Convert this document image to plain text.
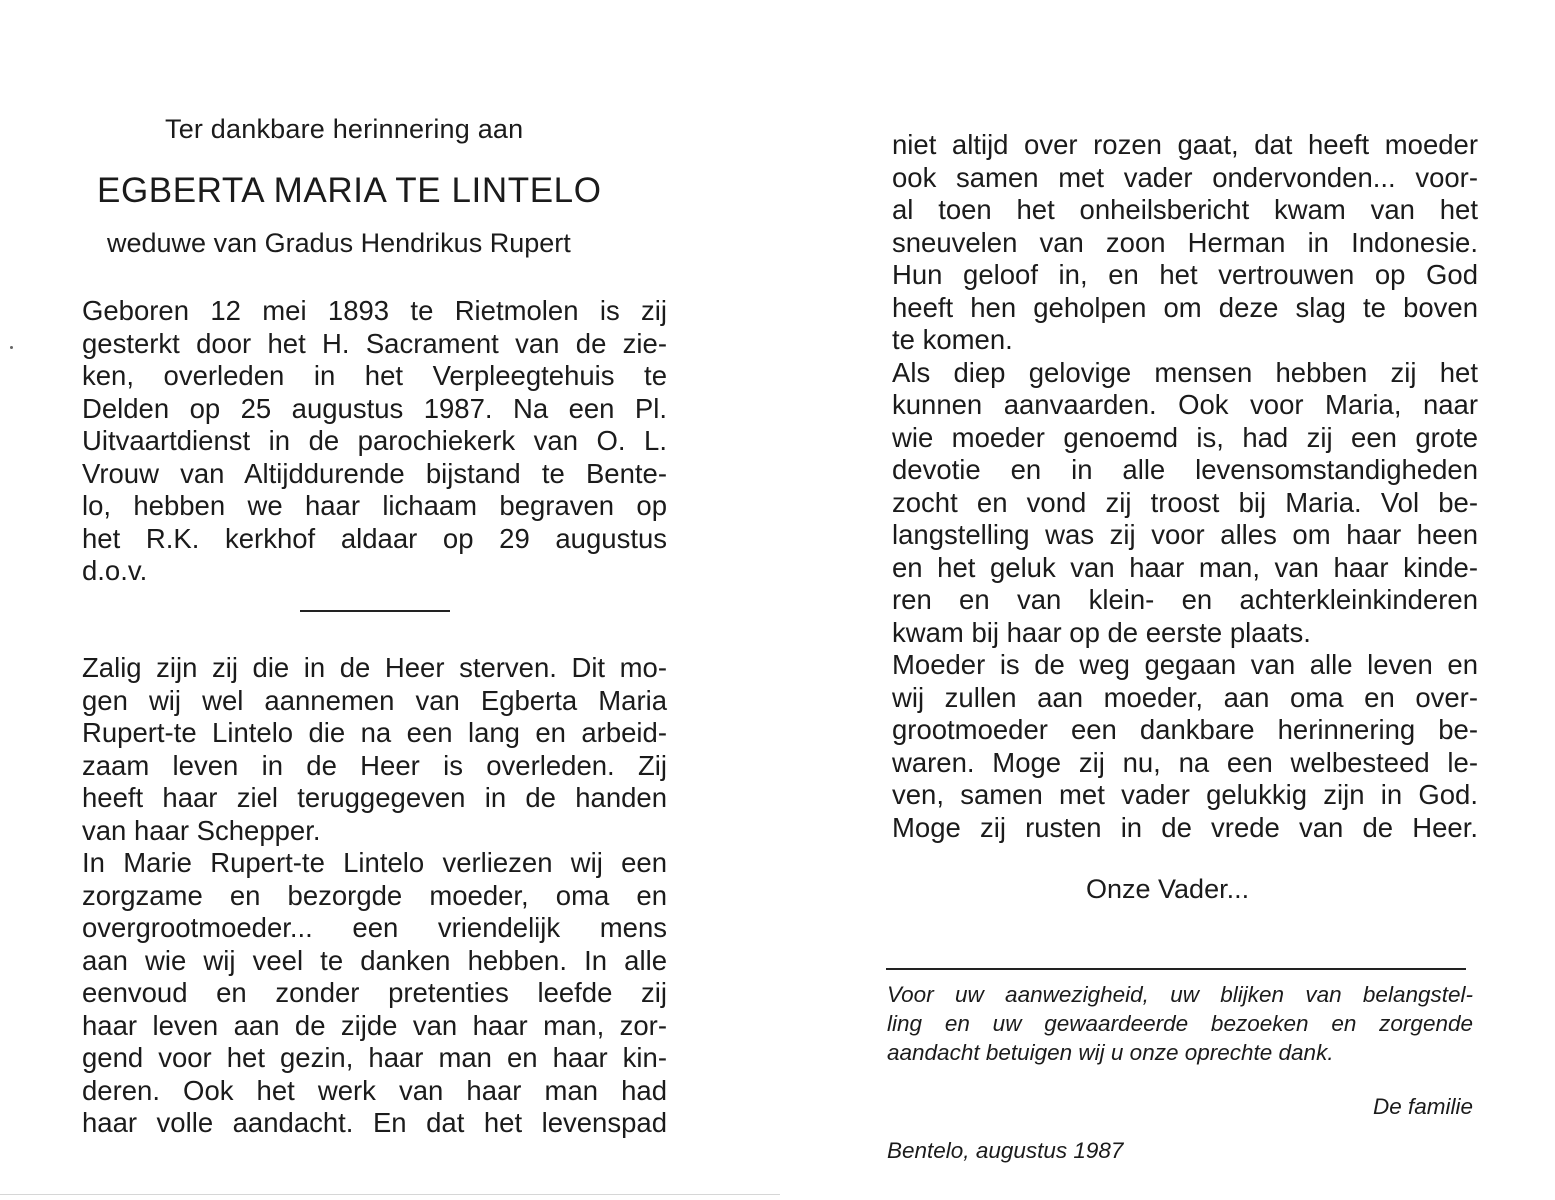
Ter dankbare herinnering aan
EGBERTA MARIA TE LINTELO
weduwe van Gradus Hendrikus Rupert
Geboren 12 mei 1893 te Rietmolen is zij
gesterkt door het H. Sacrament van de zie-
ken, overleden in het Verpleegtehuis te
Delden op 25 augustus 1987. Na een Pl.
Uitvaartdienst in de parochiekerk van O. L.
Vrouw van Altijddurende bijstand te Bente-
lo, hebben we haar lichaam begraven op
het R.K. kerkhof aldaar op 29 augustus
d.o.v.
Zalig zijn zij die in de Heer sterven. Dit mo-
gen wij wel aannemen van Egberta Maria
Rupert-te Lintelo die na een lang en arbeid-
zaam leven in de Heer is overleden. Zij
heeft haar ziel teruggegeven in de handen
van haar Schepper.
In Marie Rupert-te Lintelo verliezen wij een
zorgzame en bezorgde moeder, oma en
overgrootmoeder... een vriendelijk mens
aan wie wij veel te danken hebben. In alle
eenvoud en zonder pretenties leefde zij
haar leven aan de zijde van haar man, zor-
gend voor het gezin, haar man en haar kin-
deren. Ook het werk van haar man had
haar volle aandacht. En dat het levenspad
niet altijd over rozen gaat, dat heeft moeder
ook samen met vader ondervonden... voor-
al toen het onheilsbericht kwam van het
sneuvelen van zoon Herman in Indonesie.
Hun geloof in, en het vertrouwen op God
heeft hen geholpen om deze slag te boven
te komen.
Als diep gelovige mensen hebben zij het
kunnen aanvaarden. Ook voor Maria, naar
wie moeder genoemd is, had zij een grote
devotie en in alle levensomstandigheden
zocht en vond zij troost bij Maria. Vol be-
langstelling was zij voor alles om haar heen
en het geluk van haar man, van haar kinde-
ren en van klein- en achterkleinkinderen
kwam bij haar op de eerste plaats.
Moeder is de weg gegaan van alle leven en
wij zullen aan moeder, aan oma en over-
grootmoeder een dankbare herinnering be-
waren. Moge zij nu, na een welbesteed le-
ven, samen met vader gelukkig zijn in God.
Moge zij rusten in de vrede van de Heer.
Onze Vader...
Voor uw aanwezigheid, uw blijken van belangstel-
ling en uw gewaardeerde bezoeken en zorgende
aandacht betuigen wij u onze oprechte dank.
De familie
Bentelo, augustus 1987
